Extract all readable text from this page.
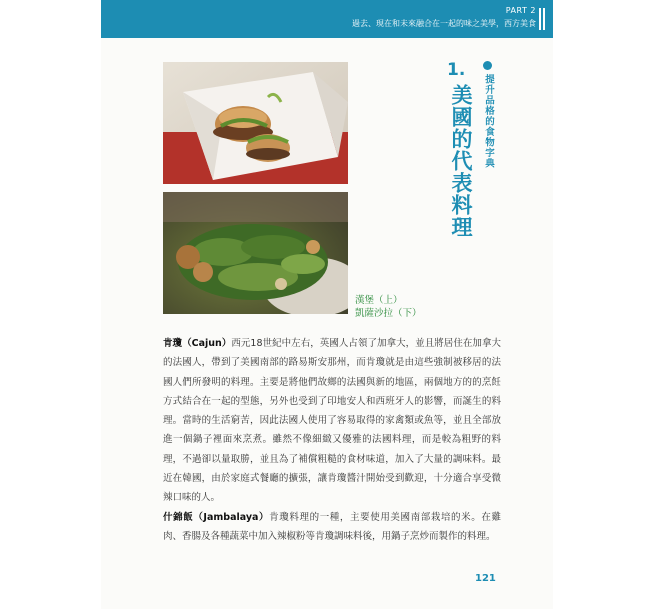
PART 2
過去、現在和未來融合在一起的味之美學，西方美食
1.
美國的代表料理	提升品格的食物字典
漢堡（上）
凱薩沙拉（下）

肯瓊（Cajun）西元18世紀中左右，英國人占領了加拿大，並且將居住在加拿大的法國人，帶到了美國南部的路易斯安那州，而肯瓊就是由這些強制被移居的法國人們所發明的料理。主要是將他們故鄉的法國與新的地區，兩個地方的的烹飪方式結合在一起的型態，另外也受到了印地安人和西班牙人的影響，而誕生的料理。當時的生活窮苦，因此法國人使用了容易取得的家禽類或魚等，並且全部放進一個鍋子裡面來烹煮。雖然不像細緻又優雅的法國料理，而是較為粗野的料理，不過卻以量取勝，並且為了補償粗糙的食材味道，加入了大量的調味料。最近在韓國，由於家庭式餐廳的擴張，讓肯瓊醬汁開始受到歡迎，十分適合享受微辣口味的人。

什錦飯（Jambalaya）肯瓊料理的一種，主要使用美國南部栽培的米。在雞肉、香腸及各種蔬菜中加入辣椒粉等肯瓊調味料後，用鍋子烹炒而製作的料理。

121
